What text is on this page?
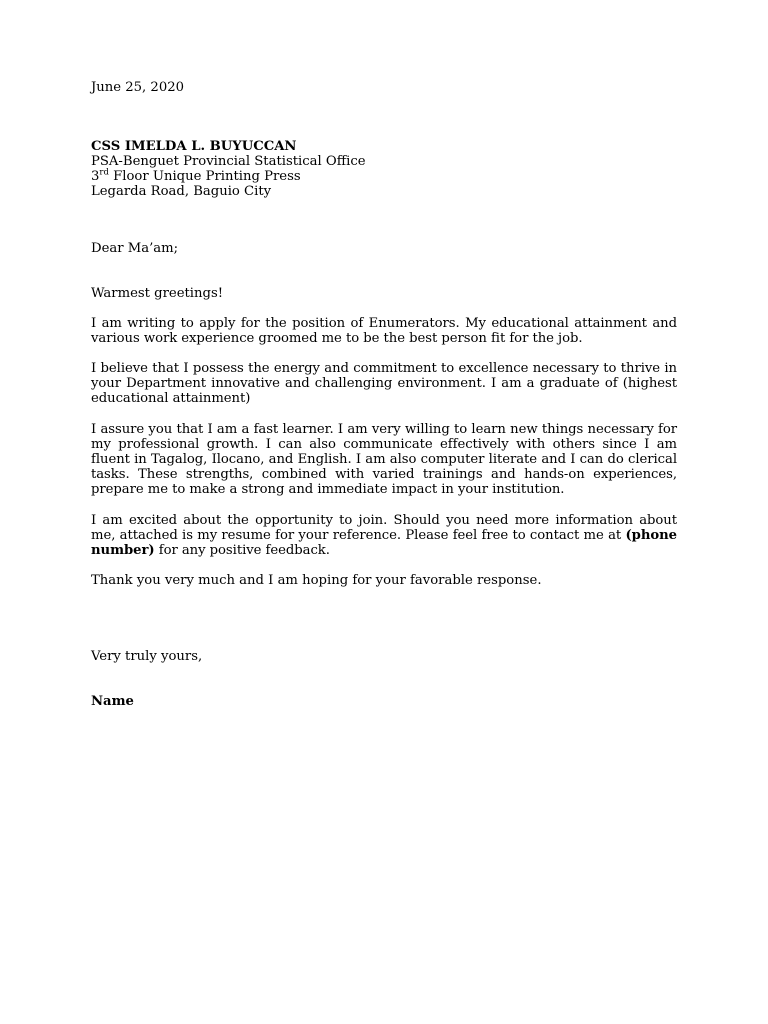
June 25, 2020

CSS IMELDA L. BUYUCCAN
PSA-Benguet Provincial Statistical Office
3rd Floor Unique Printing Press
Legarda Road, Baguio City

Dear Ma’am;

Warmest greetings!

I am writing to apply for the position of Enumerators. My educational attainment and various work experience groomed me to be the best person fit for the job.

I believe that I possess the energy and commitment to excellence necessary to thrive in your Department innovative and challenging environment. I am a graduate of (highest educational attainment)

I assure you that I am a fast learner. I am very willing to learn new things necessary for my professional growth. I can also communicate effectively with others since I am fluent in Tagalog, Ilocano, and English. I am also computer literate and I can do clerical tasks. These strengths, combined with varied trainings and hands-on experiences, prepare me to make a strong and immediate impact in your institution.

I am excited about the opportunity to join. Should you need more information about me, attached is my resume for your reference. Please feel free to contact me at (phone number) for any positive feedback.

Thank you very much and I am hoping for your favorable response.

Very truly yours,

Name
